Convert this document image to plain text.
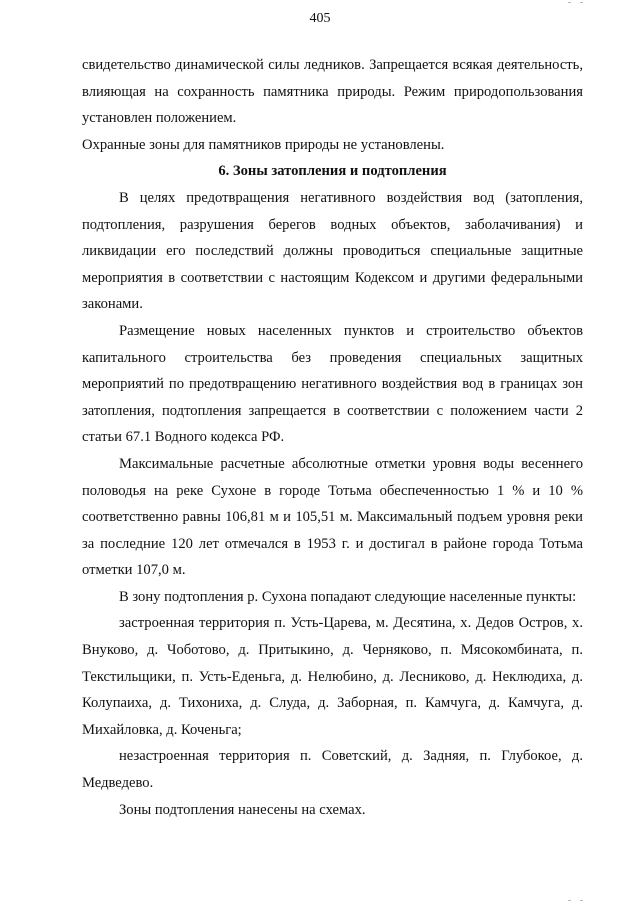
405

свидетельство динамической силы ледников. Запрещается всякая деятельность, влияющая на сохранность памятника природы. Режим природопользования установлен положением.

Охранные зоны для памятников природы не установлены.

6. Зоны затопления и подтопления

В целях предотвращения негативного воздействия вод (затопления, подтопления, разрушения берегов водных объектов, заболачивания) и ликвидации его последствий должны проводиться специальные защитные мероприятия в соответствии с настоящим Кодексом и другими федеральными законами.

Размещение новых населенных пунктов и строительство объектов капитального строительства без проведения специальных защитных мероприятий по предотвращению негативного воздействия вод в границах зон затопления, подтопления запрещается в соответствии с положением части 2 статьи 67.1 Водного кодекса РФ.

Максимальные расчетные абсолютные отметки уровня воды весеннего половодья на реке Сухоне в городе Тотьма обеспеченностью 1 % и 10 % соответственно равны 106,81 м и 105,51 м. Максимальный подъем уровня реки за последние 120 лет отмечался в 1953 г. и достигал в районе города Тотьма отметки 107,0 м.

В зону подтопления р. Сухона попадают следующие населенные пункты:

застроенная территория п. Усть-Царева, м. Десятина, х. Дедов Остров, х. Внуково, д. Чоботово, д. Притыкино, д. Черняково, п. Мясокомбината, п. Текстильщики, п. Усть-Еденьга, д. Нелюбино, д. Лесниково, д. Неклюдиха, д. Колупаиха, д. Тихониха, д. Слуда, д. Заборная, п. Камчуга, д. Камчуга, д. Михайловка, д. Коченьга;

незастроенная территория п. Советский, д. Задняя, п. Глубокое, д. Медведево.

Зоны подтопления нанесены на схемах.
